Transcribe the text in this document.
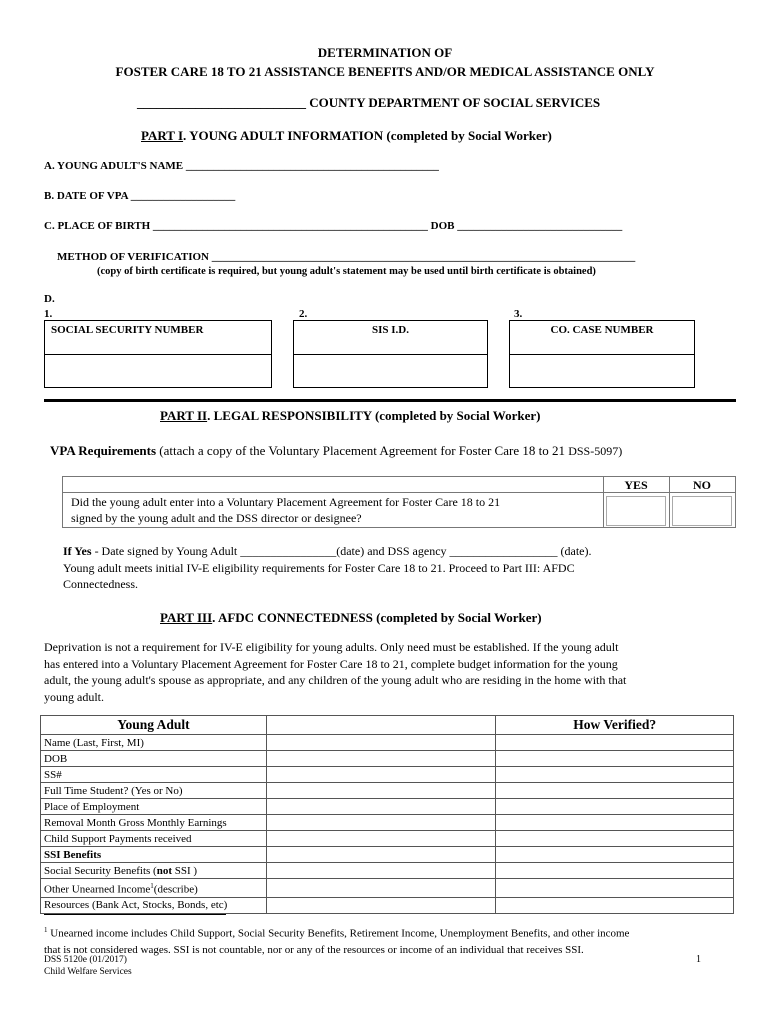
DETERMINATION OF
FOSTER CARE 18 TO 21 ASSISTANCE BENEFITS AND/OR MEDICAL ASSISTANCE ONLY
__________________________ COUNTY DEPARTMENT OF SOCIAL SERVICES
PART I. YOUNG ADULT INFORMATION (completed by Social Worker)
A. YOUNG ADULT'S NAME ______________________________________________
B. DATE OF VPA ___________________
C. PLACE OF BIRTH __________________________________________________ DOB ______________________________
METHOD OF VERIFICATION _____________________________________________________________________________
(copy of birth certificate is required, but young adult's statement may be used until birth certificate is obtained)
D.
1.	2.	3.
SOCIAL SECURITY NUMBER	SIS I.D.	CO. CASE NUMBER
PART II. LEGAL RESPONSIBILITY (completed by Social Worker)
VPA Requirements (attach a copy of the Voluntary Placement Agreement for Foster Care 18 to 21 DSS-5097)
YES	NO
Did the young adult enter into a Voluntary Placement Agreement for Foster Care 18 to 21
signed by the young adult and the DSS director or designee?
If Yes - Date signed by Young Adult ________________(date) and DSS agency __________________ (date).
Young adult meets initial IV-E eligibility requirements for Foster Care 18 to 21. Proceed to Part III: AFDC
Connectedness.
PART III. AFDC CONNECTEDNESS (completed by Social Worker)
Deprivation is not a requirement for IV-E eligibility for young adults. Only need must be established. If the young adult
has entered into a Voluntary Placement Agreement for Foster Care 18 to 21, complete budget information for the young
adult, the young adult's spouse as appropriate, and any children of the young adult who are residing in the home with that
young adult.
Young Adult		How Verified?
Name (Last, First, MI)		
DOB		
SS#		
Full Time Student? (Yes or No)		
Place of Employment		
Removal Month Gross Monthly Earnings		
Child Support Payments received		
SSI Benefits		
Social Security Benefits (not SSI )		
Other Unearned Income$^1$(describe)		
Resources (Bank Act, Stocks, Bonds, etc)		
$^1$ Unearned income includes Child Support, Social Security Benefits, Retirement Income, Unemployment Benefits, and other income
that is not considered wages. SSI is not countable, nor or any of the resources or income of an individual that receives SSI.
DSS 5120e (01/2017)
Child Welfare Services
1
